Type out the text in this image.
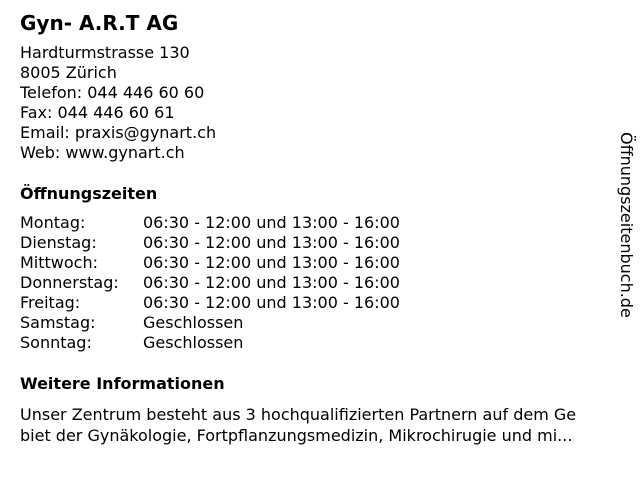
Gyn- A.R.T AG
Hardturmstrasse 130
8005 Zürich
Telefon: 044 446 60 60
Fax: 044 446 60 61
Email: praxis@gynart.ch
Web: www.gynart.ch
Öffnungszeiten
Montag:	06:30 - 12:00 und 13:00 - 16:00
Dienstag:	06:30 - 12:00 und 13:00 - 16:00
Mittwoch:	06:30 - 12:00 und 13:00 - 16:00
Donnerstag:	06:30 - 12:00 und 13:00 - 16:00
Freitag:	06:30 - 12:00 und 13:00 - 16:00
Samstag:	Geschlossen
Sonntag:	Geschlossen
Weitere Informationen
Unser Zentrum besteht aus 3 hochqualifizierten Partnern auf dem Ge
biet der Gynäkologie, Fortpflanzungsmedizin, Mikrochirugie und mi...
Öffnungszeitenbuch.de
